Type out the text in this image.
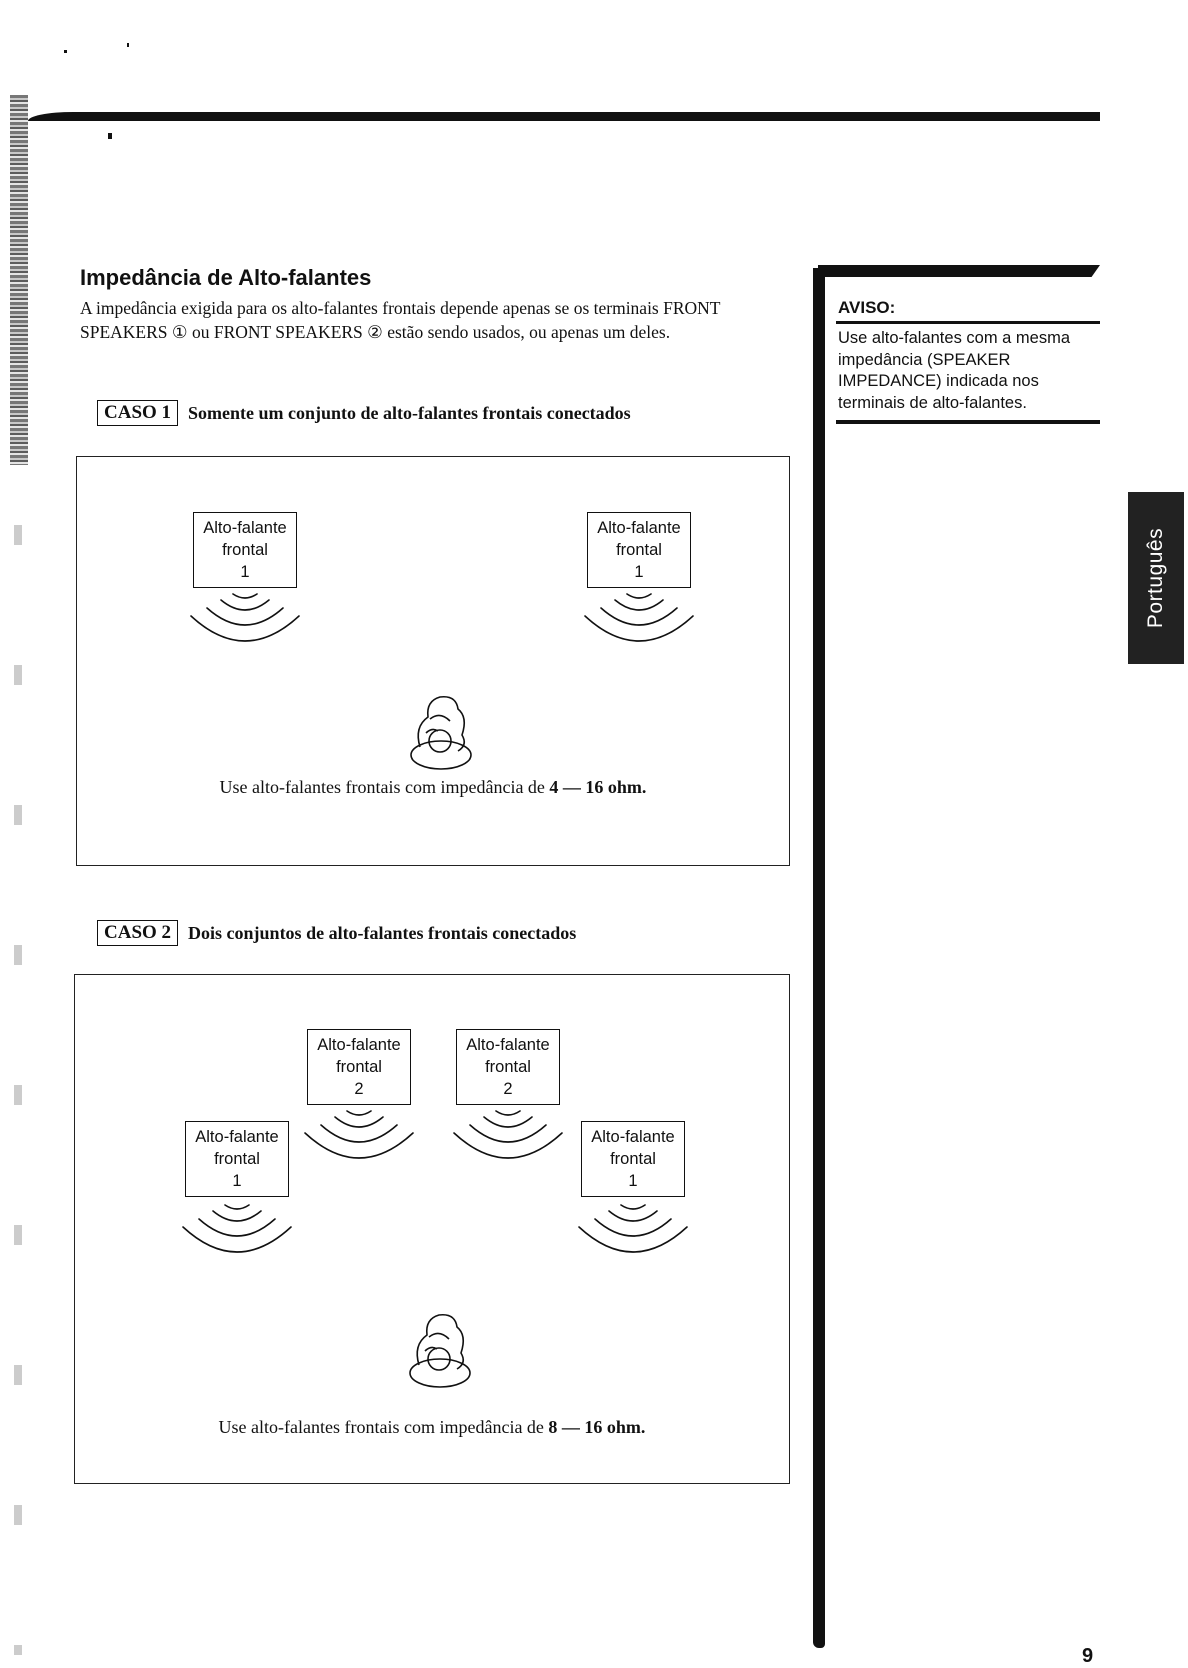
Impedância de Alto-falantes

A impedância exigida para os alto-falantes frontais depende apenas se os terminais FRONT SPEAKERS ① ou FRONT SPEAKERS ② estão sendo usados, ou apenas um deles.

CASO 1 Somente um conjunto de alto-falantes frontais conectados
Alto-falante
frontal
1
Alto-falante
frontal
1
Use alto-falantes frontais com impedância de 4 — 16 ohm.
CASO 2 Dois conjuntos de alto-falantes frontais conectados
Alto-falante
frontal
2
Alto-falante
frontal
2
Alto-falante
frontal
1
Alto-falante
frontal
1
Use alto-falantes frontais com impedância de 8 — 16 ohm.
AVISO:

Use alto-falantes com a mesma impedância (SPEAKER IMPEDANCE) indicada nos terminais de alto-falantes.

Português
9
